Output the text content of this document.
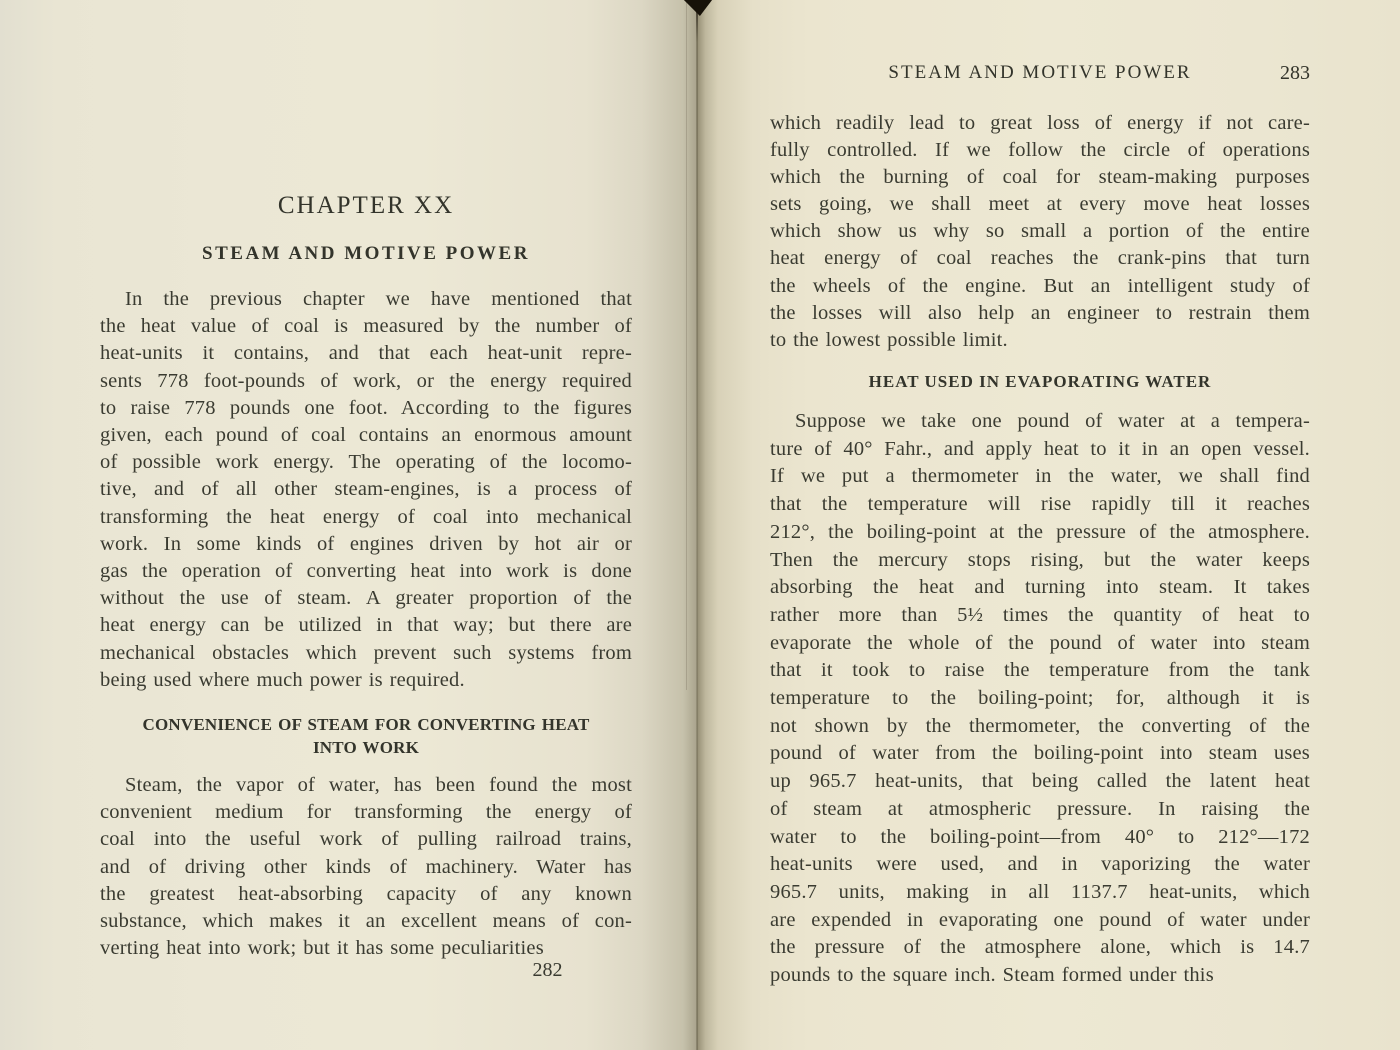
CHAPTER XX
STEAM AND MOTIVE POWER
In the previous chapter we have mentioned that
the heat value of coal is measured by the number of
heat-units it contains, and that each heat-unit repre-
sents 778 foot-pounds of work, or the energy required
to raise 778 pounds one foot. According to the figures
given, each pound of coal contains an enormous amount
of possible work energy. The operating of the locomo-
tive, and of all other steam-engines, is a process of
transforming the heat energy of coal into mechanical
work. In some kinds of engines driven by hot air or
gas the operation of converting heat into work is done
without the use of steam. A greater proportion of the
heat energy can be utilized in that way; but there are
mechanical obstacles which prevent such systems from
being used where much power is required.
CONVENIENCE OF STEAM FOR CONVERTING HEAT
INTO WORK
Steam, the vapor of water, has been found the most
convenient medium for transforming the energy of
coal into the useful work of pulling railroad trains,
and of driving other kinds of machinery. Water has
the greatest heat-absorbing capacity of any known
substance, which makes it an excellent means of con-
verting heat into work; but it has some peculiarities
282
STEAM AND MOTIVE POWER	283
which readily lead to great loss of energy if not care-
fully controlled. If we follow the circle of operations
which the burning of coal for steam-making purposes
sets going, we shall meet at every move heat losses
which show us why so small a portion of the entire
heat energy of coal reaches the crank-pins that turn
the wheels of the engine. But an intelligent study of
the losses will also help an engineer to restrain them
to the lowest possible limit.
HEAT USED IN EVAPORATING WATER
Suppose we take one pound of water at a tempera-
ture of 40° Fahr., and apply heat to it in an open vessel.
If we put a thermometer in the water, we shall find
that the temperature will rise rapidly till it reaches
212°, the boiling-point at the pressure of the atmosphere.
Then the mercury stops rising, but the water keeps
absorbing the heat and turning into steam. It takes
rather more than 5½ times the quantity of heat to
evaporate the whole of the pound of water into steam
that it took to raise the temperature from the tank
temperature to the boiling-point; for, although it is
not shown by the thermometer, the converting of the
pound of water from the boiling-point into steam uses
up 965.7 heat-units, that being called the latent heat
of steam at atmospheric pressure. In raising the
water to the boiling-point—from 40° to 212°—172
heat-units were used, and in vaporizing the water
965.7 units, making in all 1137.7 heat-units, which
are expended in evaporating one pound of water under
the pressure of the atmosphere alone, which is 14.7
pounds to the square inch. Steam formed under this
